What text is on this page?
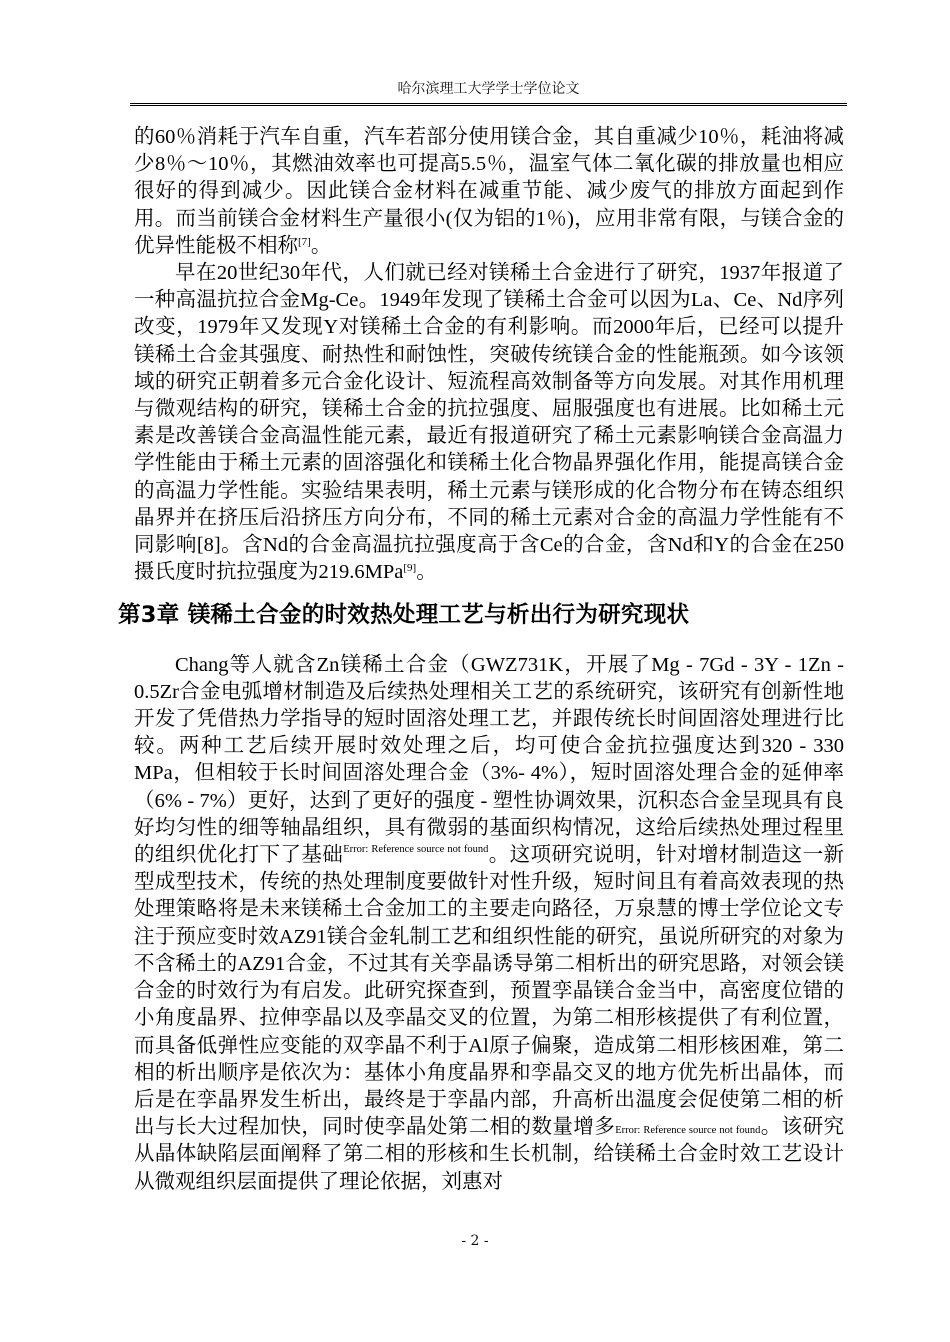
哈尔滨理工大学学士学位论文

的60％消耗于汽车自重，汽车若部分使用镁合金，其自重减少10％，耗油将减少8％～10％，其燃油效率也可提高5.5％，温室气体二氧化碳的排放量也相应很好的得到减少。因此镁合金材料在减重节能、减少废气的排放方面起到作用。而当前镁合金材料生产量很小(仅为铝的1％)，应用非常有限，与镁合金的优异性能极不相称[7]。

早在20世纪30年代，人们就已经对镁稀土合金进行了研究，1937年报道了一种高温抗拉合金Mg-Ce。1949年发现了镁稀土合金可以因为La、Ce、Nd序列改变，1979年又发现Y对镁稀土合金的有利影响。而2000年后，已经可以提升镁稀土合金其强度、耐热性和耐蚀性，突破传统镁合金的性能瓶颈。如今该领域的研究正朝着多元合金化设计、短流程高效制备等方向发展。对其作用机理与微观结构的研究，镁稀土合金的抗拉强度、屈服强度也有进展。比如稀土元素是改善镁合金高温性能元素，最近有报道研究了稀土元素影响镁合金高温力学性能由于稀土元素的固溶强化和镁稀土化合物晶界强化作用，能提高镁合金的高温力学性能。实验结果表明，稀土元素与镁形成的化合物分布在铸态组织晶界并在挤压后沿挤压方向分布，不同的稀土元素对合金的高温力学性能有不同影响[8]。含Nd的合金高温抗拉强度高于含Ce的合金，含Nd和Y的合金在250摄氏度时抗拉强度为219.6MPa[9]。

第3章 镁稀土合金的时效热处理工艺与析出行为研究现状

Chang等人就含Zn镁稀土合金（GWZ731K，开展了Mg - 7Gd - 3Y - 1Zn - 0.5Zr合金电弧增材制造及后续热处理相关工艺的系统研究，该研究有创新性地开发了凭借热力学指导的短时固溶处理工艺，并跟传统长时间固溶处理进行比较。两种工艺后续开展时效处理之后，均可使合金抗拉强度达到320 - 330 MPa，但相较于长时间固溶处理合金（3%- 4%），短时固溶处理合金的延伸率（6% - 7%）更好，达到了更好的强度 - 塑性协调效果，沉积态合金呈现具有良好均匀性的细等轴晶组织，具有微弱的基面织构情况，这给后续热处理过程里的组织优化打下了基础$^{Error: Reference source not found}$。这项研究说明，针对增材制造这一新型成型技术，传统的热处理制度要做针对性升级，短时间且有着高效表现的热处理策略将是未来镁稀土合金加工的主要走向路径，万泉慧的博士学位论文专注于预应变时效AZ91镁合金轧制工艺和组织性能的研究，虽说所研究的对象为不含稀土的AZ91合金，不过其有关孪晶诱导第二相析出的研究思路，对领会镁合金的时效行为有启发。此研究探查到，预置孪晶镁合金当中，高密度位错的小角度晶界、拉伸孪晶以及孪晶交叉的位置，为第二相形核提供了有利位置，而具备低弹性应变能的双孪晶不利于Al原子偏聚，造成第二相形核困难，第二相的析出顺序是依次为：基体小角度晶界和孪晶交叉的地方优先析出晶体，而后是在孪晶界发生析出，最终是于孪晶内部，升高析出温度会促使第二相的析出与长大过程加快，同时使孪晶处第二相的数量增多Error: Reference source not found。该研究从晶体缺陷层面阐释了第二相的形核和生长机制，给镁稀土合金时效工艺设计从微观组织层面提供了理论依据，刘惠对

- 2 -
